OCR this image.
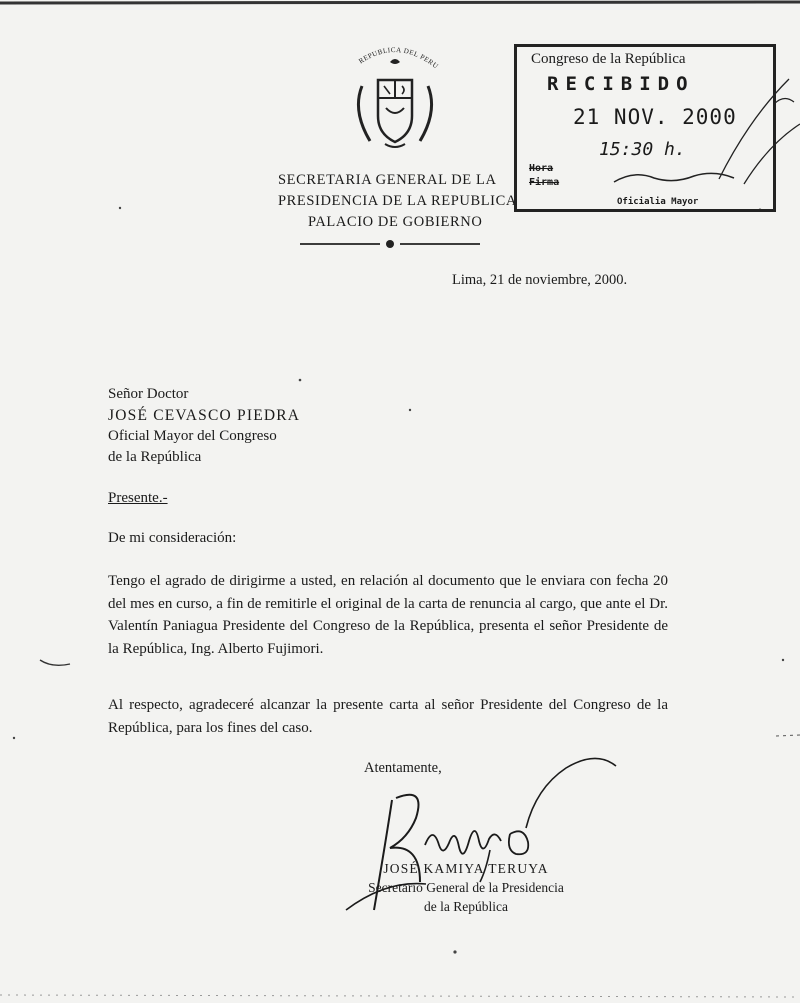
REPUBLICA DEL PERU
SECRETARIA GENERAL DE LA
PRESIDENCIA DE LA REPUBLICA
PALACIO DE GOBIERNO
Congreso de la República
RECIBIDO
21 NOV. 2000
15:30 h.
Hora
Firma
Oficialia Mayor
Lima, 21 de noviembre, 2000.
Señor Doctor
JOSÉ CEVASCO PIEDRA
Oficial Mayor del Congreso
de la República
Presente.-
De mi consideración:
Tengo el agrado de dirigirme a usted, en relación al documento que le enviara con fecha 20 del mes en curso, a fin de remitirle el original de la carta de renuncia al cargo, que ante el Dr. Valentín Paniagua Presidente del Congreso de la República, presenta el señor Presidente de la República, Ing. Alberto Fujimori.
Al respecto, agradeceré alcanzar la presente carta al señor Presidente del Congreso de la República, para los fines del caso.
Atentamente,
JOSÉ KAMIYA TERUYA
Secretario General de la Presidencia
de la República
